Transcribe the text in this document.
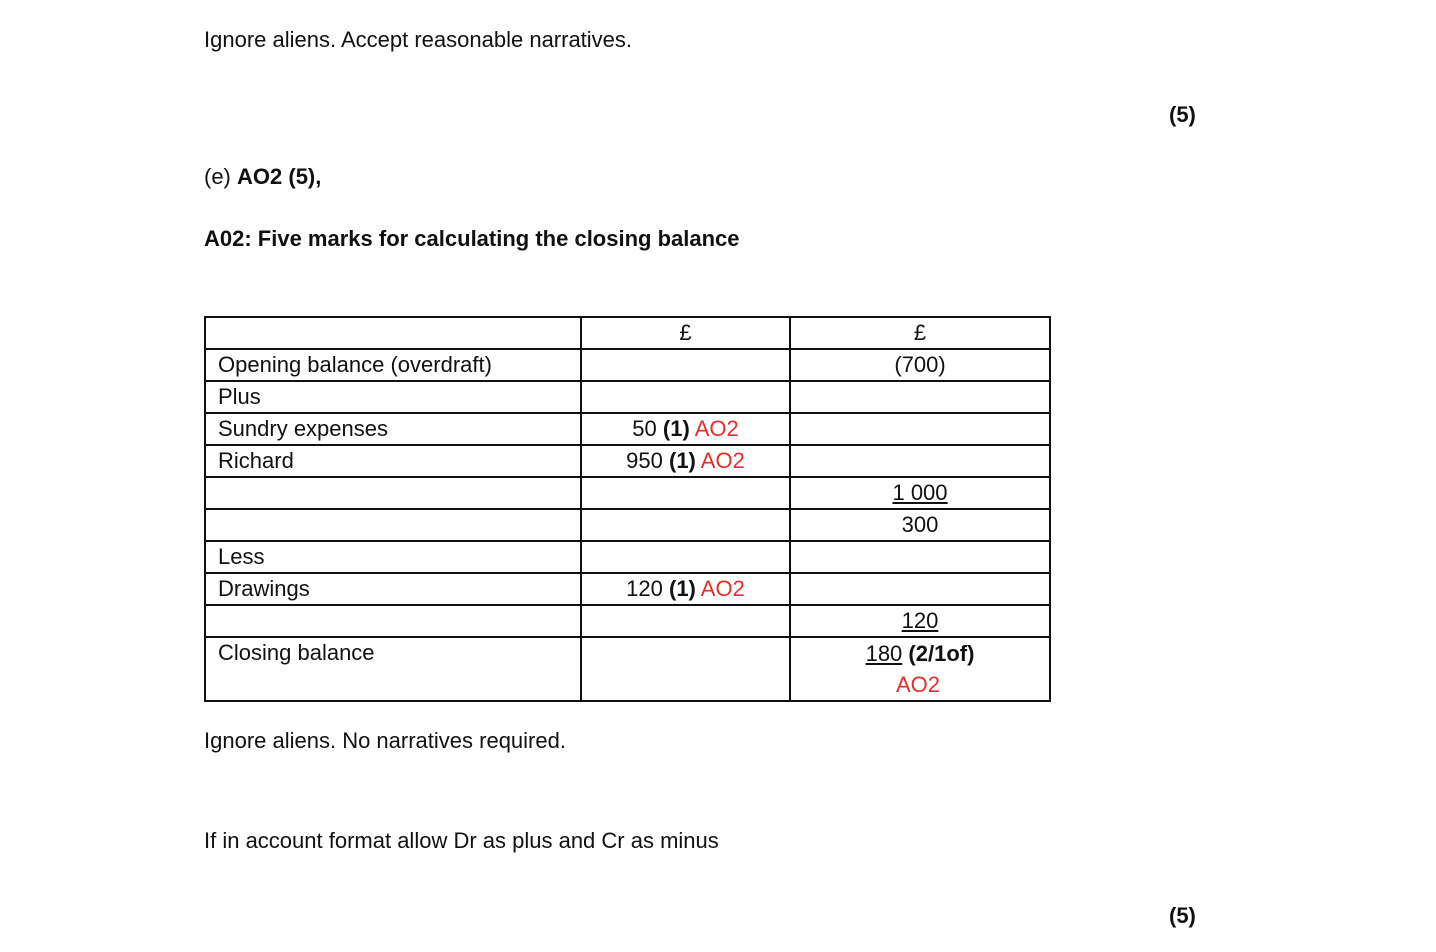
Ignore aliens. Accept reasonable narratives.
(5)
(e) AO2 (5),
A02: Five marks for calculating the closing balance
	£	£
Opening balance (overdraft)		(700)
Plus		
Sundry expenses	50 (1) AO2	
Richard	950 (1) AO2	
		1 000
		300
Less		
Drawings	120 (1) AO2	
		120
Closing balance		180 (2/1of)
AO2
Ignore aliens. No narratives required.
If in account format allow Dr as plus and Cr as minus
(5)
